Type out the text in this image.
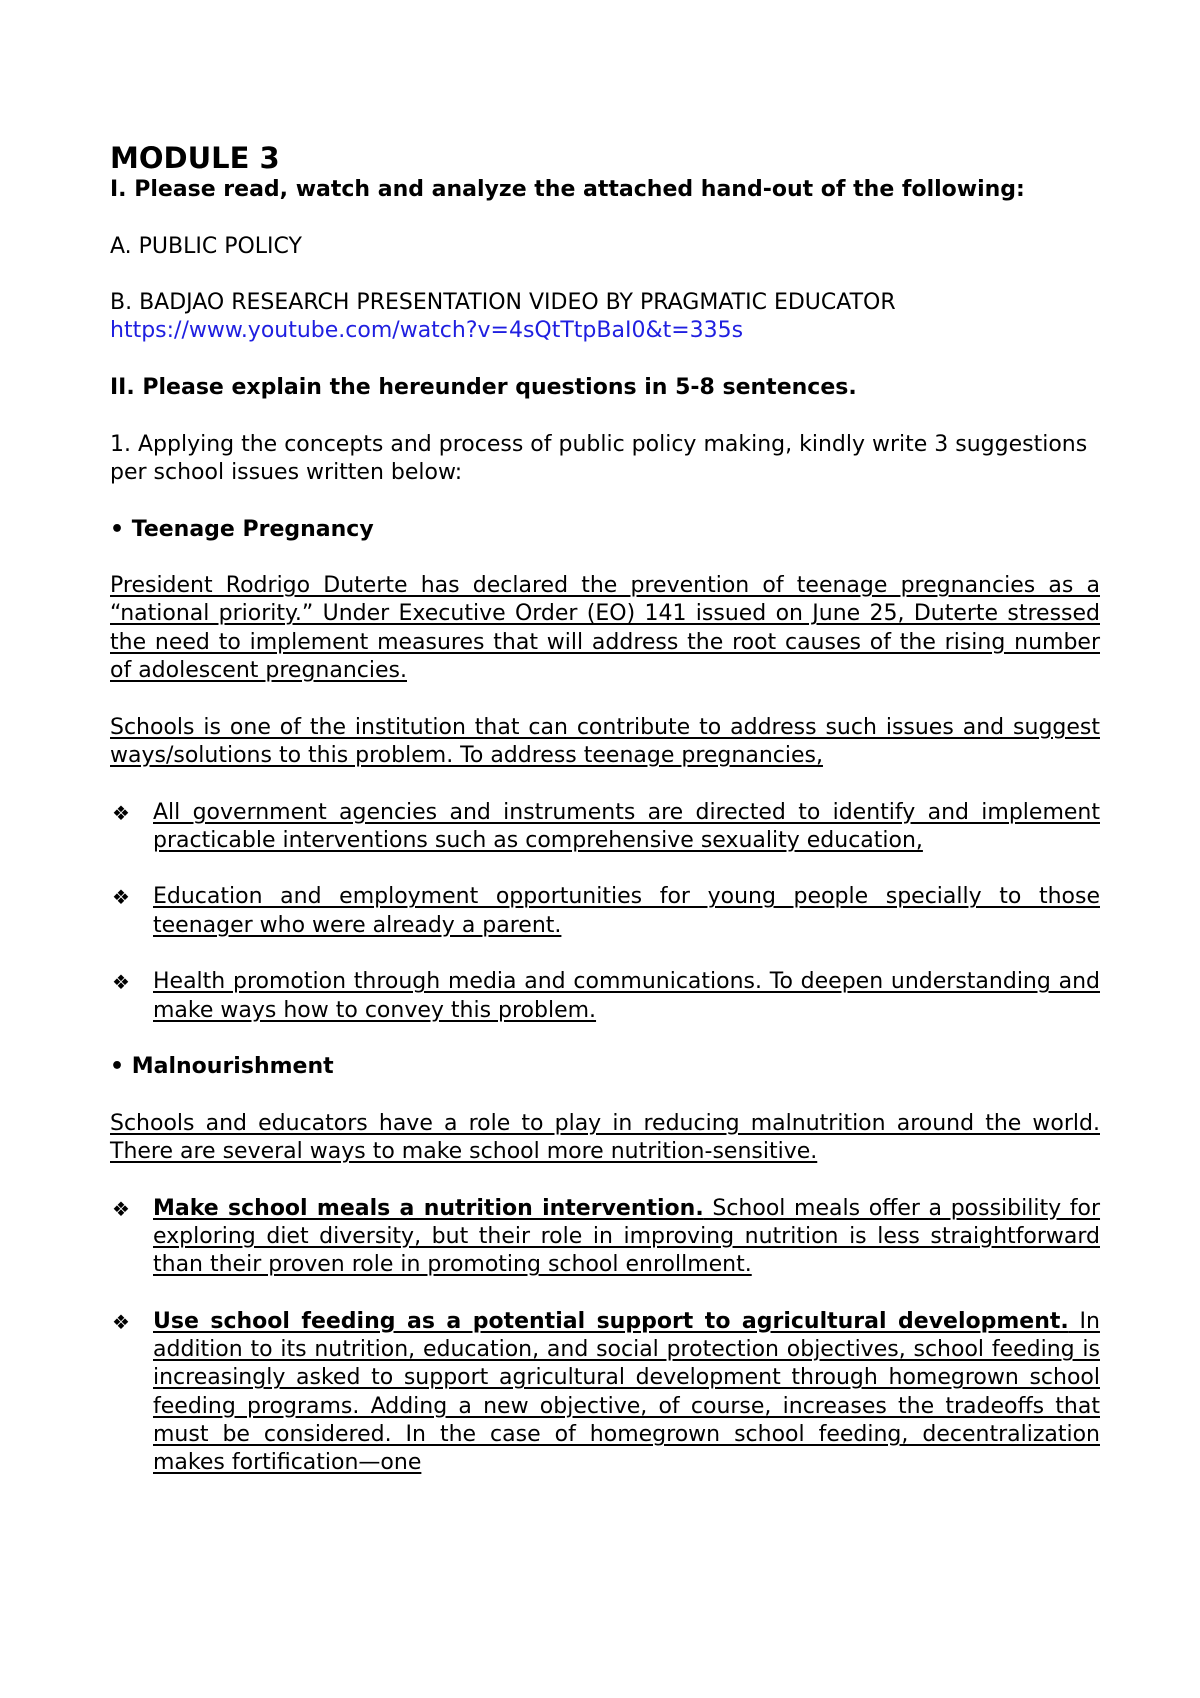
MODULE 3

I. Please read, watch and analyze the attached hand-out of the following:

A. PUBLIC POLICY

B. BADJAO RESEARCH PRESENTATION VIDEO BY PRAGMATIC EDUCATOR https://www.youtube.com/watch?v=4sQtTtpBaI0&t=335s

II. Please explain the hereunder questions in 5-8 sentences.

1. Applying the concepts and process of public policy making, kindly write 3 suggestions per school issues written below:

• Teenage Pregnancy

President Rodrigo Duterte has declared the prevention of teenage pregnancies as a “national priority.” Under Executive Order (EO) 141 issued on June 25, Duterte stressed the need to implement measures that will address the root causes of the rising number of adolescent pregnancies.

Schools is one of the institution that can contribute to address such issues and suggest ways/solutions to this problem. To address teenage pregnancies,

❖ All government agencies and instruments are directed to identify and implement practicable interventions such as comprehensive sexuality education,
❖ Education and employment opportunities for young people specially to those teenager who were already a parent.
❖ Health promotion through media and communications. To deepen understanding and make ways how to convey this problem.

• Malnourishment

Schools and educators have a role to play in reducing malnutrition around the world. There are several ways to make school more nutrition-sensitive.

❖ Make school meals a nutrition intervention. School meals offer a possibility for exploring diet diversity, but their role in improving nutrition is less straightforward than their proven role in promoting school enrollment.
❖ Use school feeding as a potential support to agricultural development. In addition to its nutrition, education, and social protection objectives, school feeding is increasingly asked to support agricultural development through homegrown school feeding programs. Adding a new objective, of course, increases the tradeoffs that must be considered. In the case of homegrown school feeding, decentralization makes fortification—one
